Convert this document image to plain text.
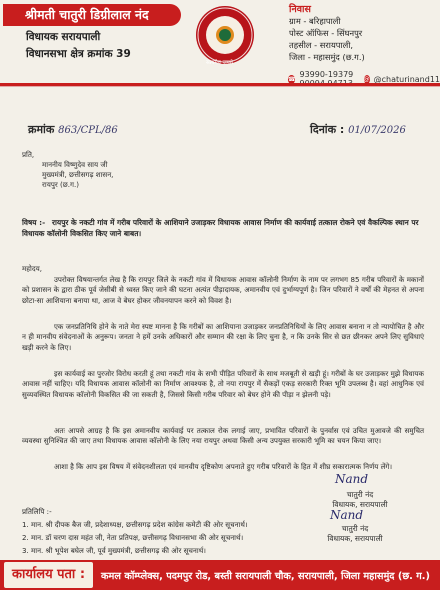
श्रीमती चातुरी डिग्रीलाल नंद
विधायक सरायपाली
विधानसभा क्षेत्र क्रमांक 39
सत्यमेव जयते
निवास
ग्राम - बरिहापाली
पोस्ट ऑफिस - सिंघनपुर
तहसील - सरायपाली,
जिला - महासमुंद (छ.ग.)
☎ 93990-19379	@ @chaturinand11
क्रमांक 863/CPL/86	दिनांक : 01/07/2026
प्रति,
माननीय विष्णुदेव साय जी
मुख्यमंत्री, छत्तीसगढ़ शासन,
रायपुर (छ.ग.)
विषय :- रायपुर के नकटी गांव में गरीब परिवारों के आशियाने उजाड़कर विधायक आवास निर्माण की कार्यवाई तत्काल रोकने एवं वैकल्पिक स्थान पर विधायक कॉलोनी विकसित किए जाने बाबत।
महोदय,
उपरोक्त विषयान्तर्गत लेख है कि रायपुर जिले के नकटी गांव में विधायक आवास कॉलोनी निर्माण के नाम पर लगभग 85 गरीब परिवारों के मकानों को प्रशासन के द्वारा ठीक पूर्व जेसीबी से ध्वस्त किए जाने की घटना अत्यंत पीड़ादायक, अमानवीय एवं दुर्भाग्यपूर्ण है। जिन परिवारों ने वर्षों की मेहनत से अपना छोटा-सा आशियाना बनाया था, आज वे बेघर होकर जीवनयापन करने को विवश है।
एक जनप्रतिनिधि होने के नाते मेरा स्पष्ट मानना है कि गरीबों का आशियाना उजाड़कर जनप्रतिनिधियों के लिए आवास बनाना न तो न्यायोचित है और न ही मानवीय संवेदनाओं के अनुरूप। जनता ने हमें उनके अधिकारों और सम्मान की रक्षा के लिए चुना है, न कि उनके सिर से छत छीनकर अपने लिए सुविधाएं खड़ी करने के लिए।
इस कार्यवाई का पुरजोर विरोध करती हूं तथा नकटी गांव के सभी पीड़ित परिवारों के साथ मजबूती से खड़ी हूं। गरीबों के घर उजाड़कर मुझे विधायक आवास नहीं चाहिए। यदि विधायक आवास कॉलोनी का निर्माण आवश्यक है, तो नया रायपुर में सैकड़ों एकड़ सरकारी रिक्त भूमि उपलब्ध है। वहां आधुनिक एवं सुव्यवस्थित विधायक कॉलोनी विकसित की जा सकती है, जिससे किसी गरीब परिवार को बेघर होने की पीड़ा न झेलनी पड़े।
अतः आपसे आग्रह है कि इस अमानवीय कार्यवाई पर तत्काल रोक लगाई जाए, प्रभावित परिवारों के पुनर्वास एवं उचित मुआवजे की समुचित व्यवस्था सुनिश्चित की जाए तथा विधायक आवास कॉलोनी के लिए नया रायपुर अथवा किसी अन्य उपयुक्त सरकारी भूमि का चयन किया जाए।
आशा है कि आप इस विषय में संवेदनशीलता एवं मानवीय दृष्टिकोण अपनाते हुए गरीब परिवारों के हित में शीघ्र सकारात्मक निर्णय लेंगे।
Nand
चातुरी नंद
विधायक, सरायपाली
प्रतिलिपि :-
1. मान. श्री दीपक बैज जी, प्रदेशाध्यक्ष, छत्तीसगढ़ प्रदेश कांग्रेस कमेटी की ओर सूचनार्थ।
2. मान. डॉ चरण दास महंत जी, नेता प्रतिपक्ष, छत्तीसगढ़ विधानसभा की ओर सूचनार्थ।
3. मान. श्री भूपेश बघेल जी, पूर्व मुख्यमंत्री, छत्तीसगढ़ की ओर सूचनार्थ।
Nand
चातुरी नंद
विधायक, सरायपाली
कार्यालय पता :	कमल कॉम्प्लेक्स, पदमपुर रोड, बस्ती सरायपाली चौक, सरायपाली, जिला महासमुंद (छ. ग.)
